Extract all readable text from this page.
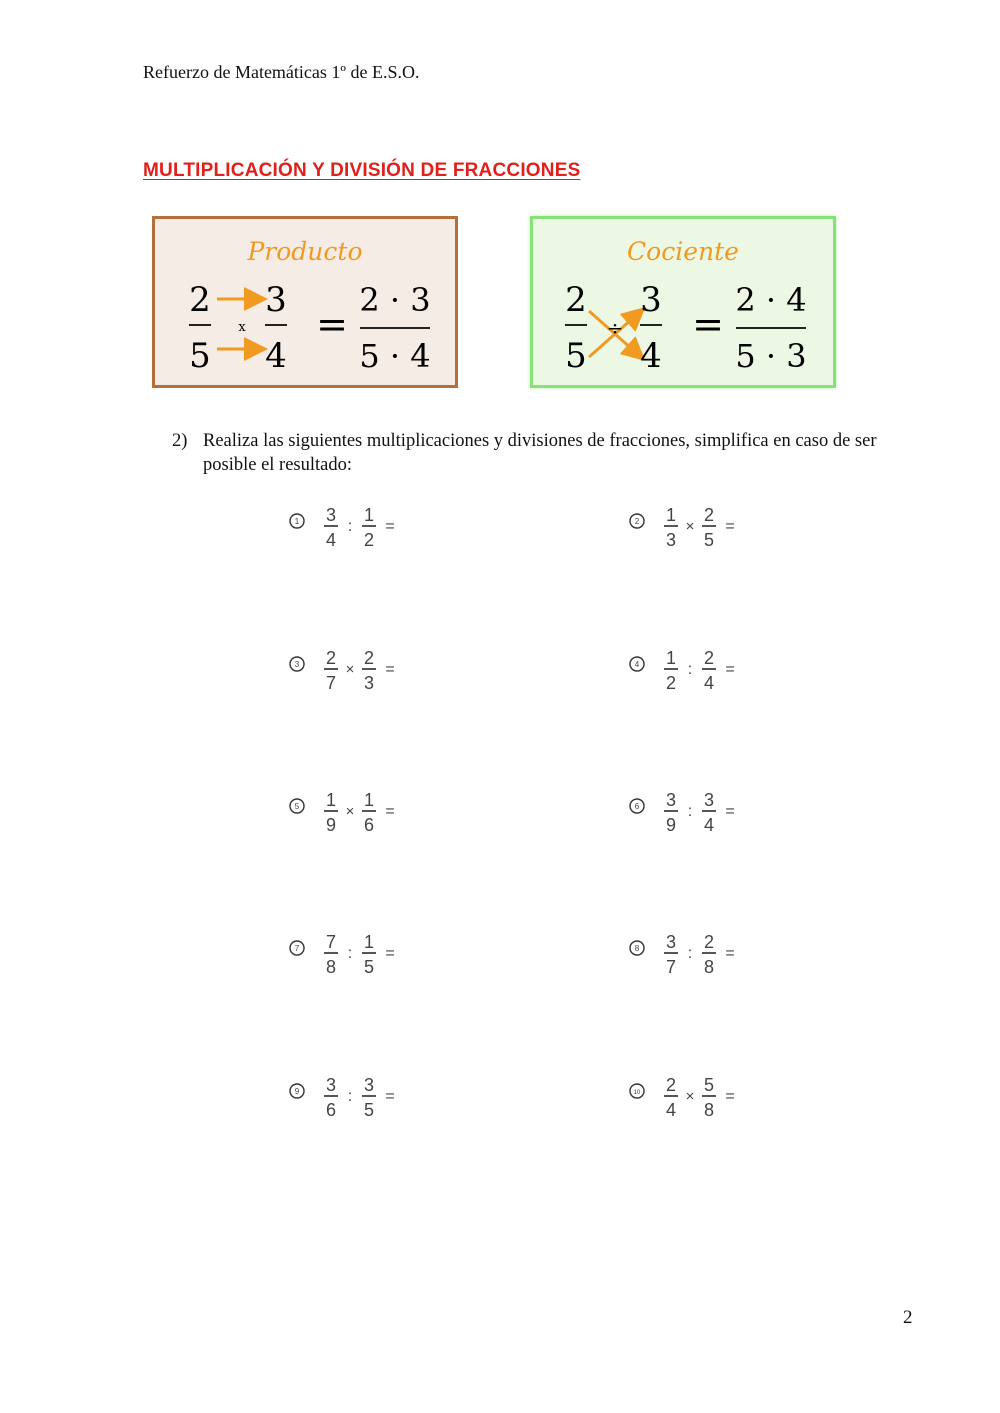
Refuerzo de Matemáticas 1º de E.S.O.
MULTIPLICACIÓN Y DIVISIÓN DE FRACCIONES
Producto
2
5
x
3
4
=
2 · 3
5 · 4
Cociente
2
5
÷
3
4
=
2 · 4
5 · 3
2) Realiza las siguientes multiplicaciones y divisiones de fracciones, simplifica en caso de ser posible el resultado:
1 3
4
:
1
2
=	2 1
3
×
2
5
=
3 2
7
×
2
3
=	4 1
2
:
2
4
=
5 1
9
×
1
6
=	6 3
9
:
3
4
=
7 7
8
:
1
5
=	8 3
7
:
2
8
=
9 3
6
:
3
5
=	10 2
4
×
5
8
=
2
